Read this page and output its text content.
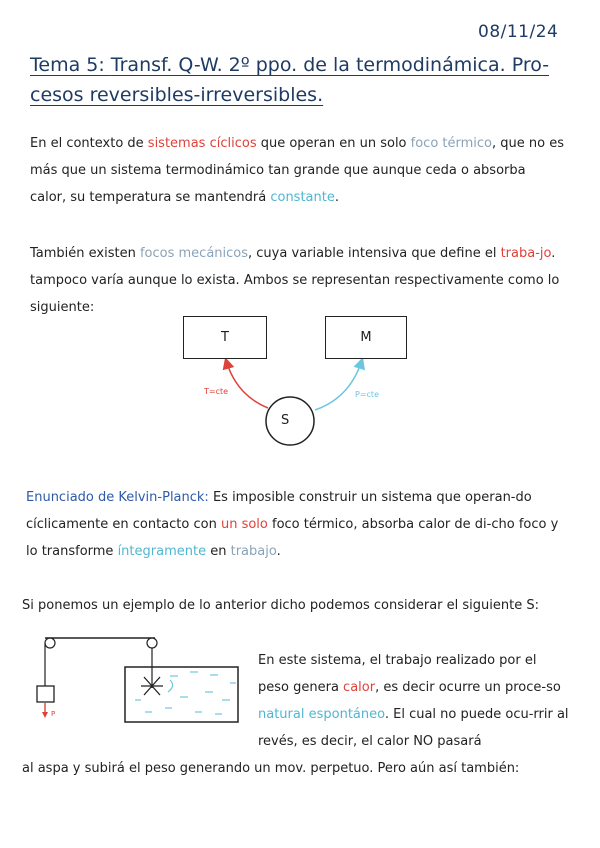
08/11/24
Tema 5: Transf. Q-W. 2º ppo. de la termodinámica. Pro-
cesos reversibles-irreversibles.
En el contexto de sistemas cíclicos que operan en un solo foco térmico, que no es más que un sistema termodinámico tan grande que aunque ceda o absorba calor, su temperatura se mantendrá constante.
También existen focos mecánicos, cuya variable intensiva que define el traba-jo. tampoco varía aunque lo exista. Ambos se representan respectivamente como lo siguiente:
T	M
S
T=cte	P=cte
Enunciado de Kelvin-Planck: Es imposible construir un sistema que operan-do cíclicamente en contacto con un solo foco térmico, absorba calor de di-cho foco y lo transforme íntegramente en trabajo.
Si ponemos un ejemplo de lo anterior dicho podemos considerar el siguiente S:
P
En este sistema, el trabajo realizado por el peso genera calor, es decir ocurre un proce-so natural espontáneo. El cual no puede ocu-rrir al revés, es decir, el calor NO pasará
al aspa y subirá el peso generando un mov. perpetuo. Pero aún así también:
